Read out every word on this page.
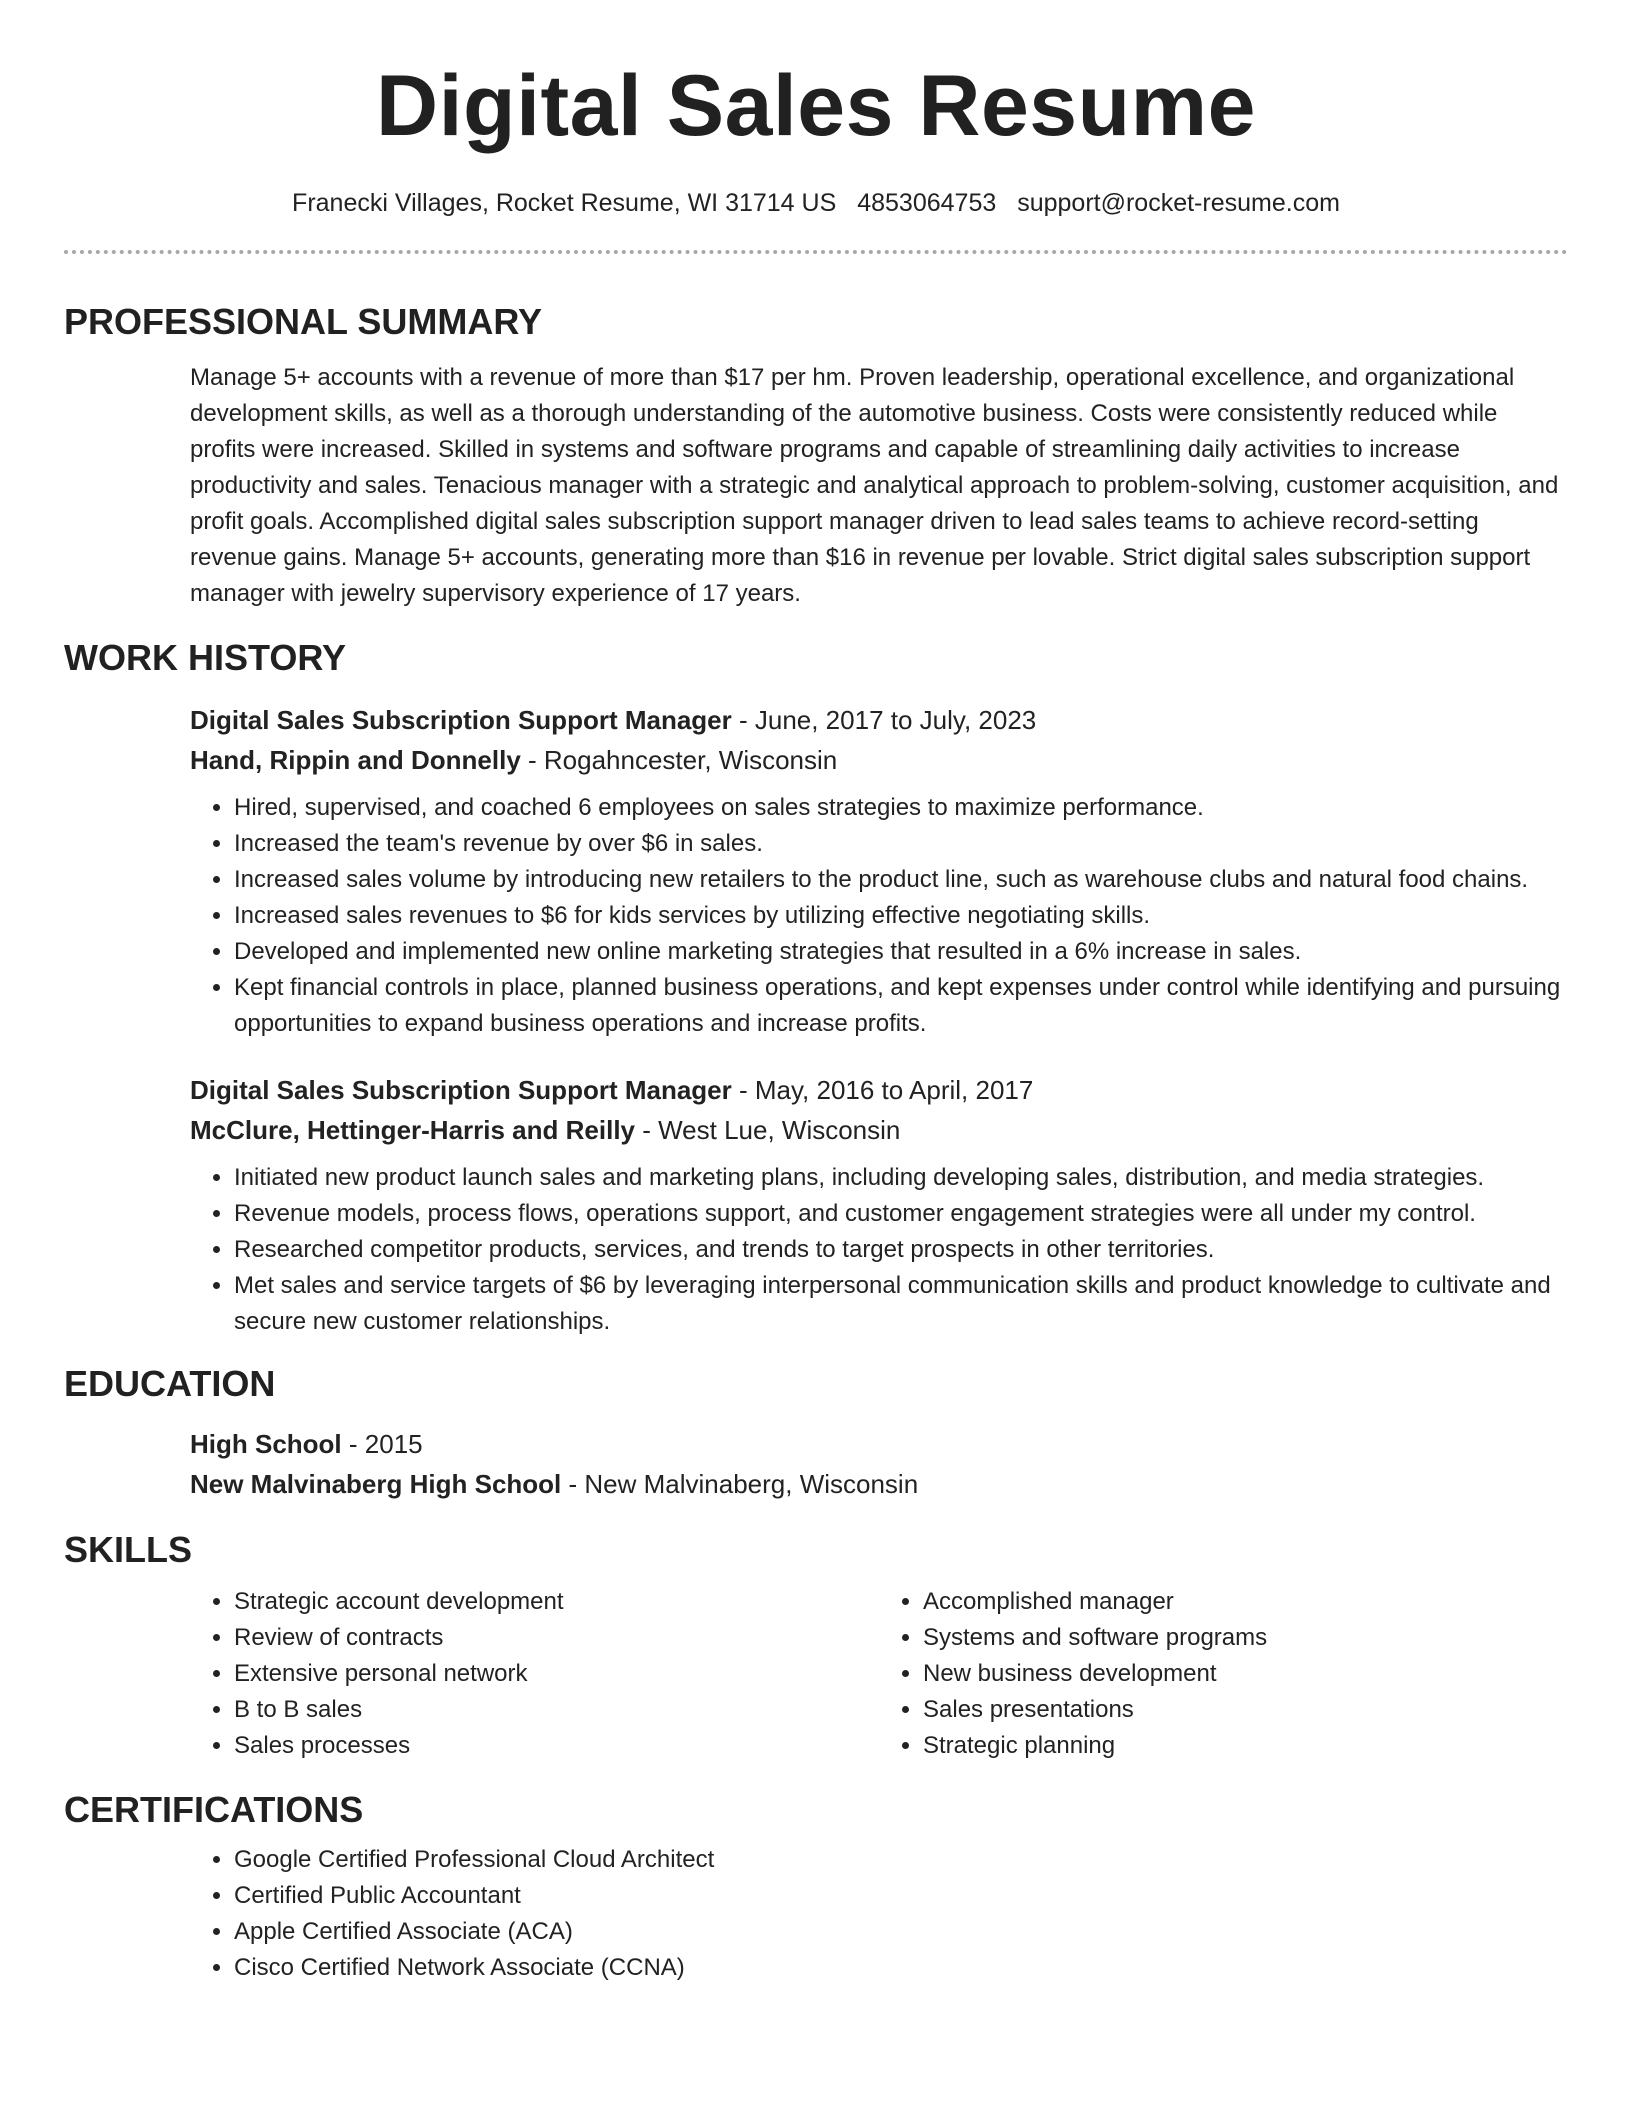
Digital Sales Resume
Franecki Villages, Rocket Resume, WI 31714 US 4853064753 support@rocket-resume.com
PROFESSIONAL SUMMARY
Manage 5+ accounts with a revenue of more than $17 per hm. Proven leadership, operational excellence, and organizational development skills, as well as a thorough understanding of the automotive business. Costs were consistently reduced while profits were increased. Skilled in systems and software programs and capable of streamlining daily activities to increase productivity and sales. Tenacious manager with a strategic and analytical approach to problem-solving, customer acquisition, and profit goals. Accomplished digital sales subscription support manager driven to lead sales teams to achieve record-setting revenue gains. Manage 5+ accounts, generating more than $16 in revenue per lovable. Strict digital sales subscription support manager with jewelry supervisory experience of 17 years.
WORK HISTORY
Digital Sales Subscription Support Manager - June, 2017 to July, 2023
Hand, Rippin and Donnelly - Rogahncester, Wisconsin
• Hired, supervised, and coached 6 employees on sales strategies to maximize performance.
• Increased the team's revenue by over $6 in sales.
• Increased sales volume by introducing new retailers to the product line, such as warehouse clubs and natural food chains.
• Increased sales revenues to $6 for kids services by utilizing effective negotiating skills.
• Developed and implemented new online marketing strategies that resulted in a 6% increase in sales.
• Kept financial controls in place, planned business operations, and kept expenses under control while identifying and pursuing opportunities to expand business operations and increase profits.
Digital Sales Subscription Support Manager - May, 2016 to April, 2017
McClure, Hettinger-Harris and Reilly - West Lue, Wisconsin
• Initiated new product launch sales and marketing plans, including developing sales, distribution, and media strategies.
• Revenue models, process flows, operations support, and customer engagement strategies were all under my control.
• Researched competitor products, services, and trends to target prospects in other territories.
• Met sales and service targets of $6 by leveraging interpersonal communication skills and product knowledge to cultivate and secure new customer relationships.
EDUCATION
High School - 2015
New Malvinaberg High School - New Malvinaberg, Wisconsin
SKILLS
• Strategic account development
• Review of contracts
• Extensive personal network
• B to B sales
• Sales processes
• Accomplished manager
• Systems and software programs
• New business development
• Sales presentations
• Strategic planning
CERTIFICATIONS
• Google Certified Professional Cloud Architect
• Certified Public Accountant
• Apple Certified Associate (ACA)
• Cisco Certified Network Associate (CCNA)
